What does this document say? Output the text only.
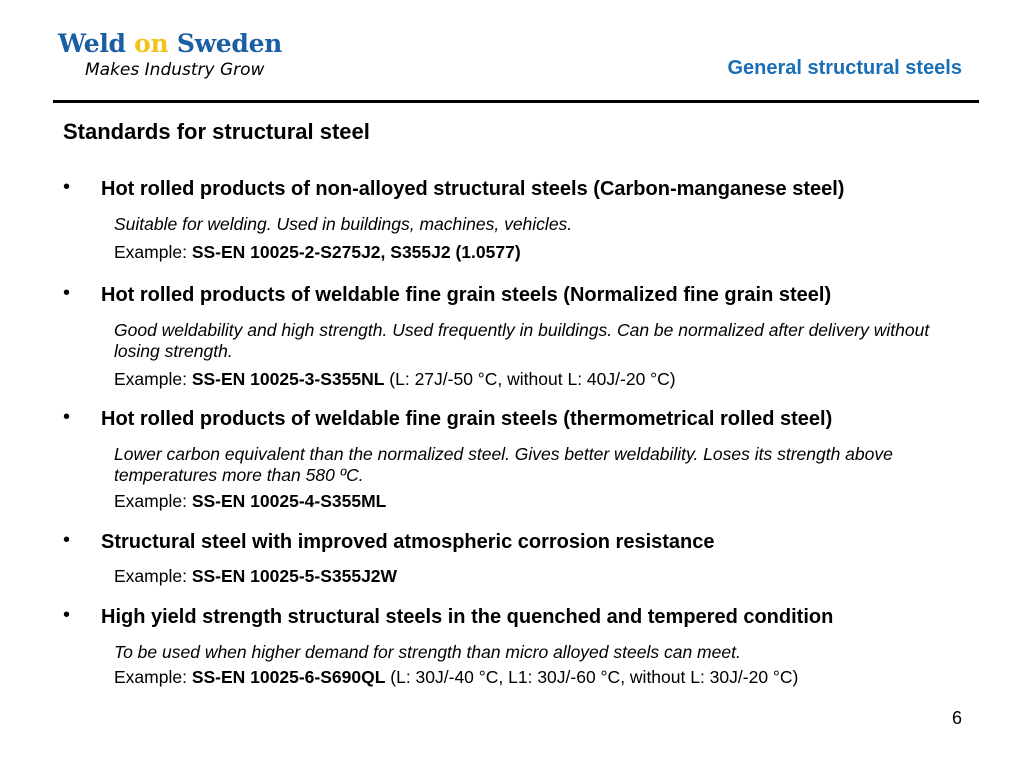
Weld on Sweden
Makes Industry Grow	General structural steels
Standards for structural steel
• Hot rolled products of non-alloyed structural steels (Carbon-manganese steel)
Suitable for welding. Used in buildings, machines, vehicles.
Example: SS-EN 10025-2-S275J2, S355J2 (1.0577)
• Hot rolled products of weldable fine grain steels (Normalized fine grain steel)
Good weldability and high strength. Used frequently in buildings. Can be normalized after delivery without losing strength.
Example: SS-EN 10025-3-S355NL (L: 27J/-50 °C, without L: 40J/-20 °C)
• Hot rolled products of weldable fine grain steels (thermometrical rolled steel)
Lower carbon equivalent than the normalized steel. Gives better weldability. Loses its strength above temperatures more than 580 ºC.
Example: SS-EN 10025-4-S355ML
• Structural steel with improved atmospheric corrosion resistance
Example: SS-EN 10025-5-S355J2W
• High yield strength structural steels in the quenched and tempered condition
To be used when higher demand for strength than micro alloyed steels can meet.
Example: SS-EN 10025-6-S690QL (L: 30J/-40 °C, L1: 30J/-60 °C, without L: 30J/-20 °C)
6
